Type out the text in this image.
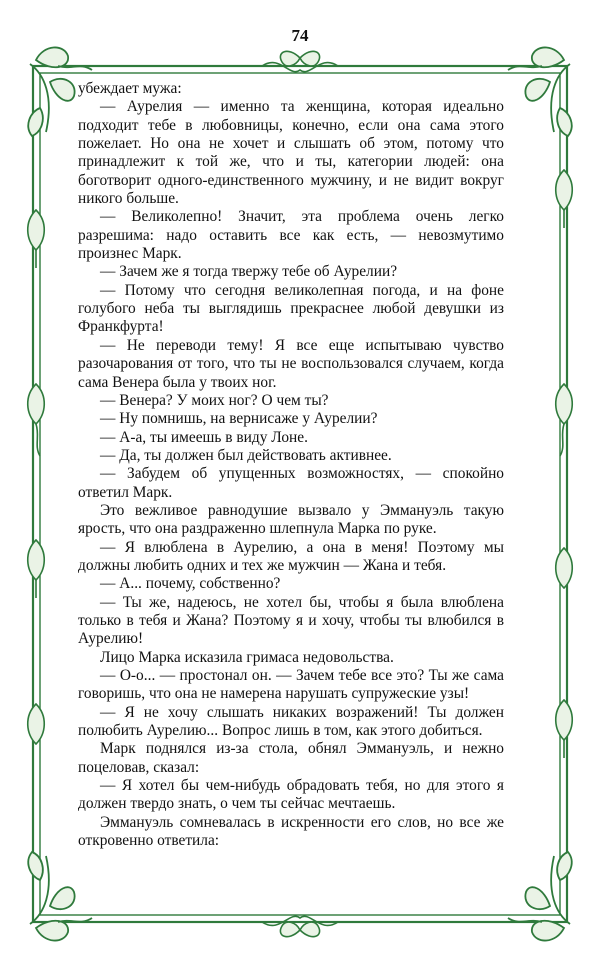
74

убеждает мужа:

— Аурелия — именно та женщина, которая идеально подходит тебе в любовницы, конечно, если она сама этого пожелает. Но она не хочет и слышать об этом, потому что принадлежит к той же, что и ты, категории людей: она боготворит одного-единственного мужчину, и не видит вокруг никого больше.

— Великолепно! Значит, эта проблема очень легко разрешима: надо оставить все как есть, — невозмутимо произнес Марк.

— Зачем же я тогда твержу тебе об Аурелии?

— Потому что сегодня великолепная погода, и на фоне голубого неба ты выглядишь прекраснее любой девушки из Франкфурта!

— Не переводи тему! Я все еще испытываю чувство разочарования от того, что ты не воспользовался случаем, когда сама Венера была у твоих ног.

— Венера? У моих ног? О чем ты?

— Ну помнишь, на вернисаже у Аурелии?

— А-а, ты имеешь в виду Лоне.

— Да, ты должен был действовать активнее.

— Забудем об упущенных возможностях, — спокойно ответил Марк.

Это вежливое равнодушие вызвало у Эммануэль такую ярость, что она раздраженно шлепнула Марка по руке.

— Я влюблена в Аурелию, а она в меня! Поэтому мы должны любить одних и тех же мужчин — Жана и тебя.

— А... почему, собственно?

— Ты же, надеюсь, не хотел бы, чтобы я была влюблена только в тебя и Жана? Поэтому я и хочу, чтобы ты влюбился в Аурелию!

Лицо Марка исказила гримаса недовольства.

— О-о... — простонал он. — Зачем тебе все это? Ты же сама говоришь, что она не намерена нарушать супружеские узы!

— Я не хочу слышать никаких возражений! Ты должен полюбить Аурелию... Вопрос лишь в том, как этого добиться.

Марк поднялся из-за стола, обнял Эммануэль, и нежно поцеловав, сказал:

— Я хотел бы чем-нибудь обрадовать тебя, но для этого я должен твердо знать, о чем ты сейчас мечтаешь.

Эммануэль сомневалась в искренности его слов, но все же откровенно ответила:
